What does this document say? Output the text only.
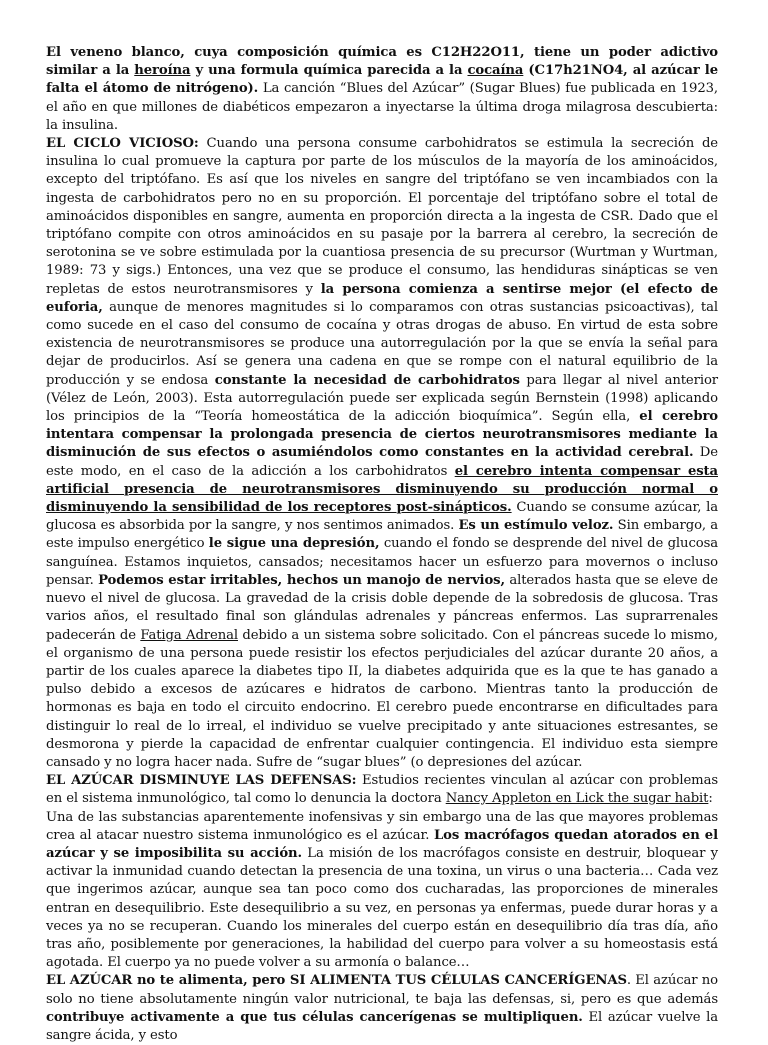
El veneno blanco, cuya composición química es C12H22O11, tiene un poder adictivo similar a la heroína y una formula química parecida a la cocaína (C17h21NO4, al azúcar le falta el átomo de nitrógeno). La canción “Blues del Azúcar” (Sugar Blues) fue publicada en 1923, el año en que millones de diabéticos empezaron a inyectarse la última droga milagrosa descubierta: la insulina.

EL CICLO VICIOSO: Cuando una persona consume carbohidratos se estimula la secreción de insulina lo cual promueve la captura por parte de los músculos de la mayoría de los aminoácidos, excepto del triptófano. Es así que los niveles en sangre del triptófano se ven incambiados con la ingesta de carbohidratos pero no en su proporción. El porcentaje del triptófano sobre el total de aminoácidos disponibles en sangre, aumenta en proporción directa a la ingesta de CSR. Dado que el triptófano compite con otros aminoácidos en su pasaje por la barrera al cerebro, la secreción de serotonina se ve sobre estimulada por la cuantiosa presencia de su precursor (Wurtman y Wurtman, 1989: 73 y sigs.) Entonces, una vez que se produce el consumo, las hendiduras sinápticas se ven repletas de estos neurotransmisores y la persona comienza a sentirse mejor (el efecto de euforia, aunque de menores magnitudes si lo comparamos con otras sustancias psicoactivas), tal como sucede en el caso del consumo de cocaína y otras drogas de abuso. En virtud de esta sobre existencia de neurotransmisores se produce una autorregulación por la que se envía la señal para dejar de producirlos. Así se genera una cadena en que se rompe con el natural equilibrio de la producción y se endosa constante la necesidad de carbohidratos para llegar al nivel anterior (Vélez de León, 2003). Esta autorregulación puede ser explicada según Bernstein (1998) aplicando los principios de la “Teoría homeostática de la adicción bioquímica”. Según ella, el cerebro intentara compensar la prolongada presencia de ciertos neurotransmisores mediante la disminución de sus efectos o asumiéndolos como constantes en la actividad cerebral. De este modo, en el caso de la adicción a los carbohidratos el cerebro intenta compensar esta artificial presencia de neurotransmisores disminuyendo su producción normal o disminuyendo la sensibilidad de los receptores post-sinápticos. Cuando se consume azúcar, la glucosa es absorbida por la sangre, y nos sentimos animados. Es un estímulo veloz. Sin embargo, a este impulso energético le sigue una depresión, cuando el fondo se desprende del nivel de glucosa sanguínea. Estamos inquietos, cansados; necesitamos hacer un esfuerzo para movernos o incluso pensar. Podemos estar irritables, hechos un manojo de nervios, alterados hasta que se eleve de nuevo el nivel de glucosa. La gravedad de la crisis doble depende de la sobredosis de glucosa. Tras varios años, el resultado final son glándulas adrenales y páncreas enfermos. Las suprarrenales padecerán de Fatiga Adrenal debido a un sistema sobre solicitado. Con el páncreas sucede lo mismo, el organismo de una persona puede resistir los efectos perjudiciales del azúcar durante 20 años, a partir de los cuales aparece la diabetes tipo II, la diabetes adquirida que es la que te has ganado a pulso debido a excesos de azúcares e hidratos de carbono. Mientras tanto la producción de hormonas es baja en todo el circuito endocrino. El cerebro puede encontrarse en dificultades para distinguir lo real de lo irreal, el individuo se vuelve precipitado y ante situaciones estresantes, se desmorona y pierde la capacidad de enfrentar cualquier contingencia. El individuo esta siempre cansado y no logra hacer nada. Sufre de “sugar blues” (o depresiones del azúcar.

EL AZÚCAR DISMINUYE LAS DEFENSAS: Estudios recientes vinculan al azúcar con problemas en el sistema inmunológico, tal como lo denuncia la doctora Nancy Appleton en Lick the sugar habit:

Una de las substancias aparentemente inofensivas y sin embargo una de las que mayores problemas crea al atacar nuestro sistema inmunológico es el azúcar. Los macrófagos quedan atorados en el azúcar y se imposibilita su acción. La misión de los macrófagos consiste en destruir, bloquear y activar la inmunidad cuando detectan la presencia de una toxina, un virus o una bacteria… Cada vez que ingerimos azúcar, aunque sea tan poco como dos cucharadas, las proporciones de minerales entran en desequilibrio. Este desequilibrio a su vez, en personas ya enfermas, puede durar horas y a veces ya no se recuperan. Cuando los minerales del cuerpo están en desequilibrio día tras día, año tras año, posiblemente por generaciones, la habilidad del cuerpo para volver a su homeostasis está agotada. El cuerpo ya no puede volver a su armonía o balance…

EL AZÚCAR no te alimenta, pero SI ALIMENTA TUS CÉLULAS CANCERÍGENAS. El azúcar no solo no tiene absolutamente ningún valor nutricional, te baja las defensas, si, pero es que además contribuye activamente a que tus células cancerígenas se multipliquen. El azúcar vuelve la sangre ácida, y esto
